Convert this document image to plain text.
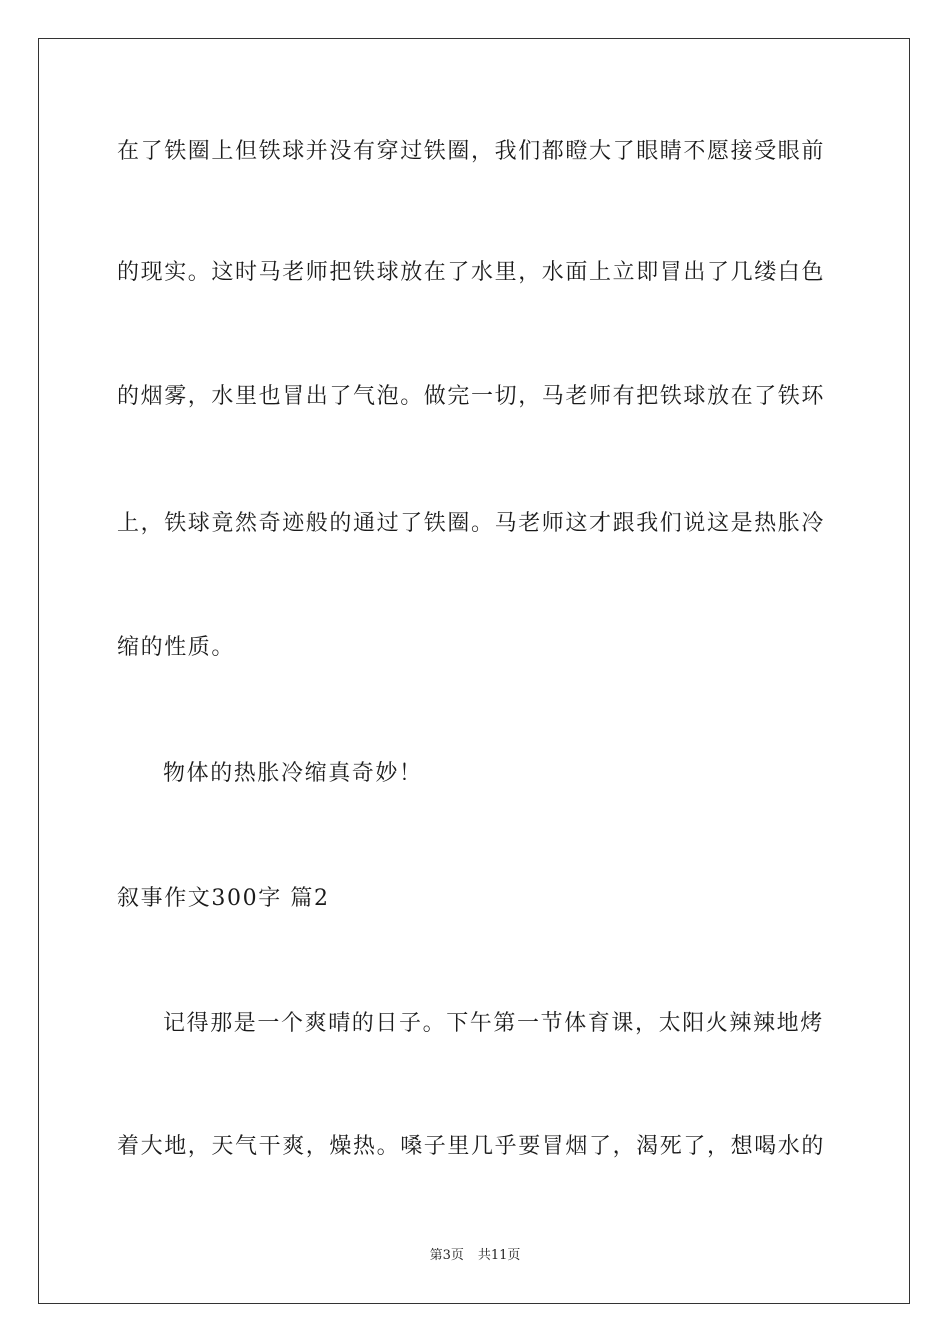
在了铁圈上但铁球并没有穿过铁圈，我们都瞪大了眼睛不愿接受眼前
的现实。这时马老师把铁球放在了水里，水面上立即冒出了几缕白色
的烟雾，水里也冒出了气泡。做完一切，马老师有把铁球放在了铁环
上，铁球竟然奇迹般的通过了铁圈。马老师这才跟我们说这是热胀冷
缩的性质。
物体的热胀冷缩真奇妙！
叙事作文300字 篇2
记得那是一个爽晴的日子。下午第一节体育课，太阳火辣辣地烤
着大地，天气干爽，燥热。嗓子里几乎要冒烟了，渴死了，想喝水的
第3页 共11页
